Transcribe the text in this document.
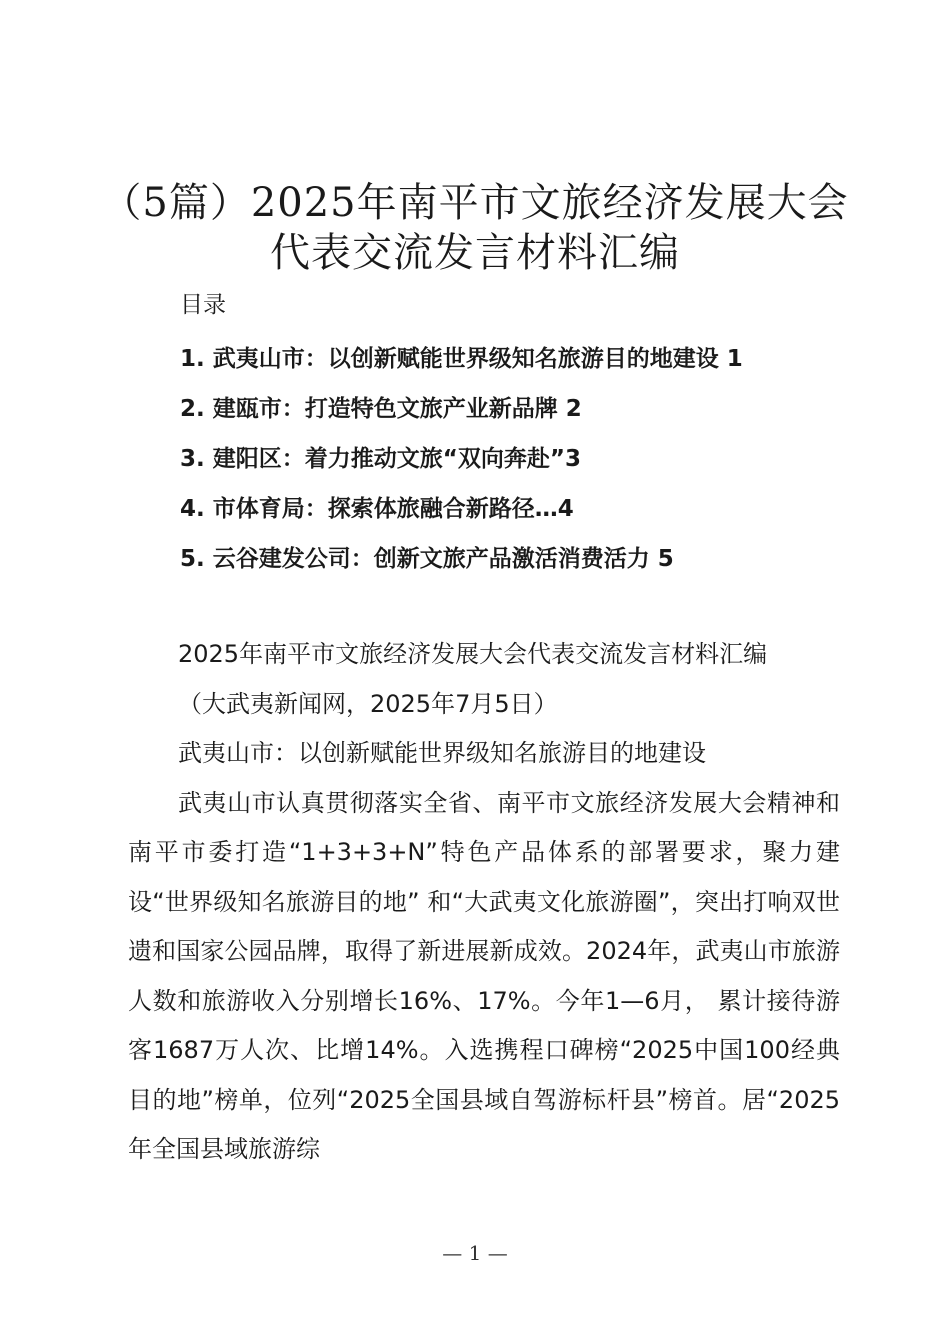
（5篇）2025年南平市文旅经济发展大会
代表交流发言材料汇编

目录

1. 武夷山市：以创新赋能世界级知名旅游目的地建设 1
2. 建瓯市：打造特色文旅产业新品牌 2
3. 建阳区：着力推动文旅“双向奔赴”3
4. 市体育局：探索体旅融合新路径…4
5. 云谷建发公司：创新文旅产品激活消费活力 5

2025年南平市文旅经济发展大会代表交流发言材料汇编

（大武夷新闻网，2025年7月5日）

武夷山市：以创新赋能世界级知名旅游目的地建设

武夷山市认真贯彻落实全省、南平市文旅经济发展大会精神和南平市委打造“1+3+3+N”特色产品体系的部署要求，聚力建设“世界级知名旅游目的地” 和“大武夷文化旅游圈”，突出打响双世遗和国家公园品牌，取得了新进展新成效。2024年，武夷山市旅游人数和旅游收入分别增长16%、17%。今年1—6月， 累计接待游客1687万人次、比增14%。入选携程口碑榜“2025中国100经典目的地”榜单，位列“2025全国县域自驾游标杆县”榜首。居“2025年全国县域旅游综

— 1 —
